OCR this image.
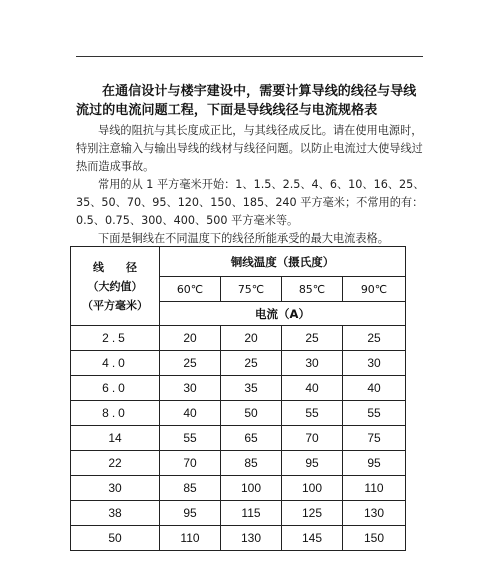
在通信设计与楼宇建设中，需要计算导线的线径与导线流过的电流问题工程，下面是导线线径与电流规格表

导线的阻抗与其长度成正比，与其线径成反比。请在使用电源时，特别注意输入与输出导线的线材与线径问题。以防止电流过大使导线过热而造成事故。

常用的从 1 平方毫米开始：1、1.5、2.5、4、6、10、16、25、35、50、70、95、120、150、185、240 平方毫米；不常用的有：0.5、0.75、300、400、500 平方毫米等。

下面是铜线在不同温度下的线径所能承受的最大电流表格。

线　　径
（大约值）
（平方毫米）	铜线温度（摄氏度）			
	60℃	75℃	85℃	90℃
	电流（A）			
2.5	20	20	25	25
4.0	25	25	30	30
6.0	30	35	40	40
8.0	40	50	55	55
14	55	65	70	75
22	70	85	95	95
30	85	100	100	110
38	95	115	125	130
50	110	130	145	150
